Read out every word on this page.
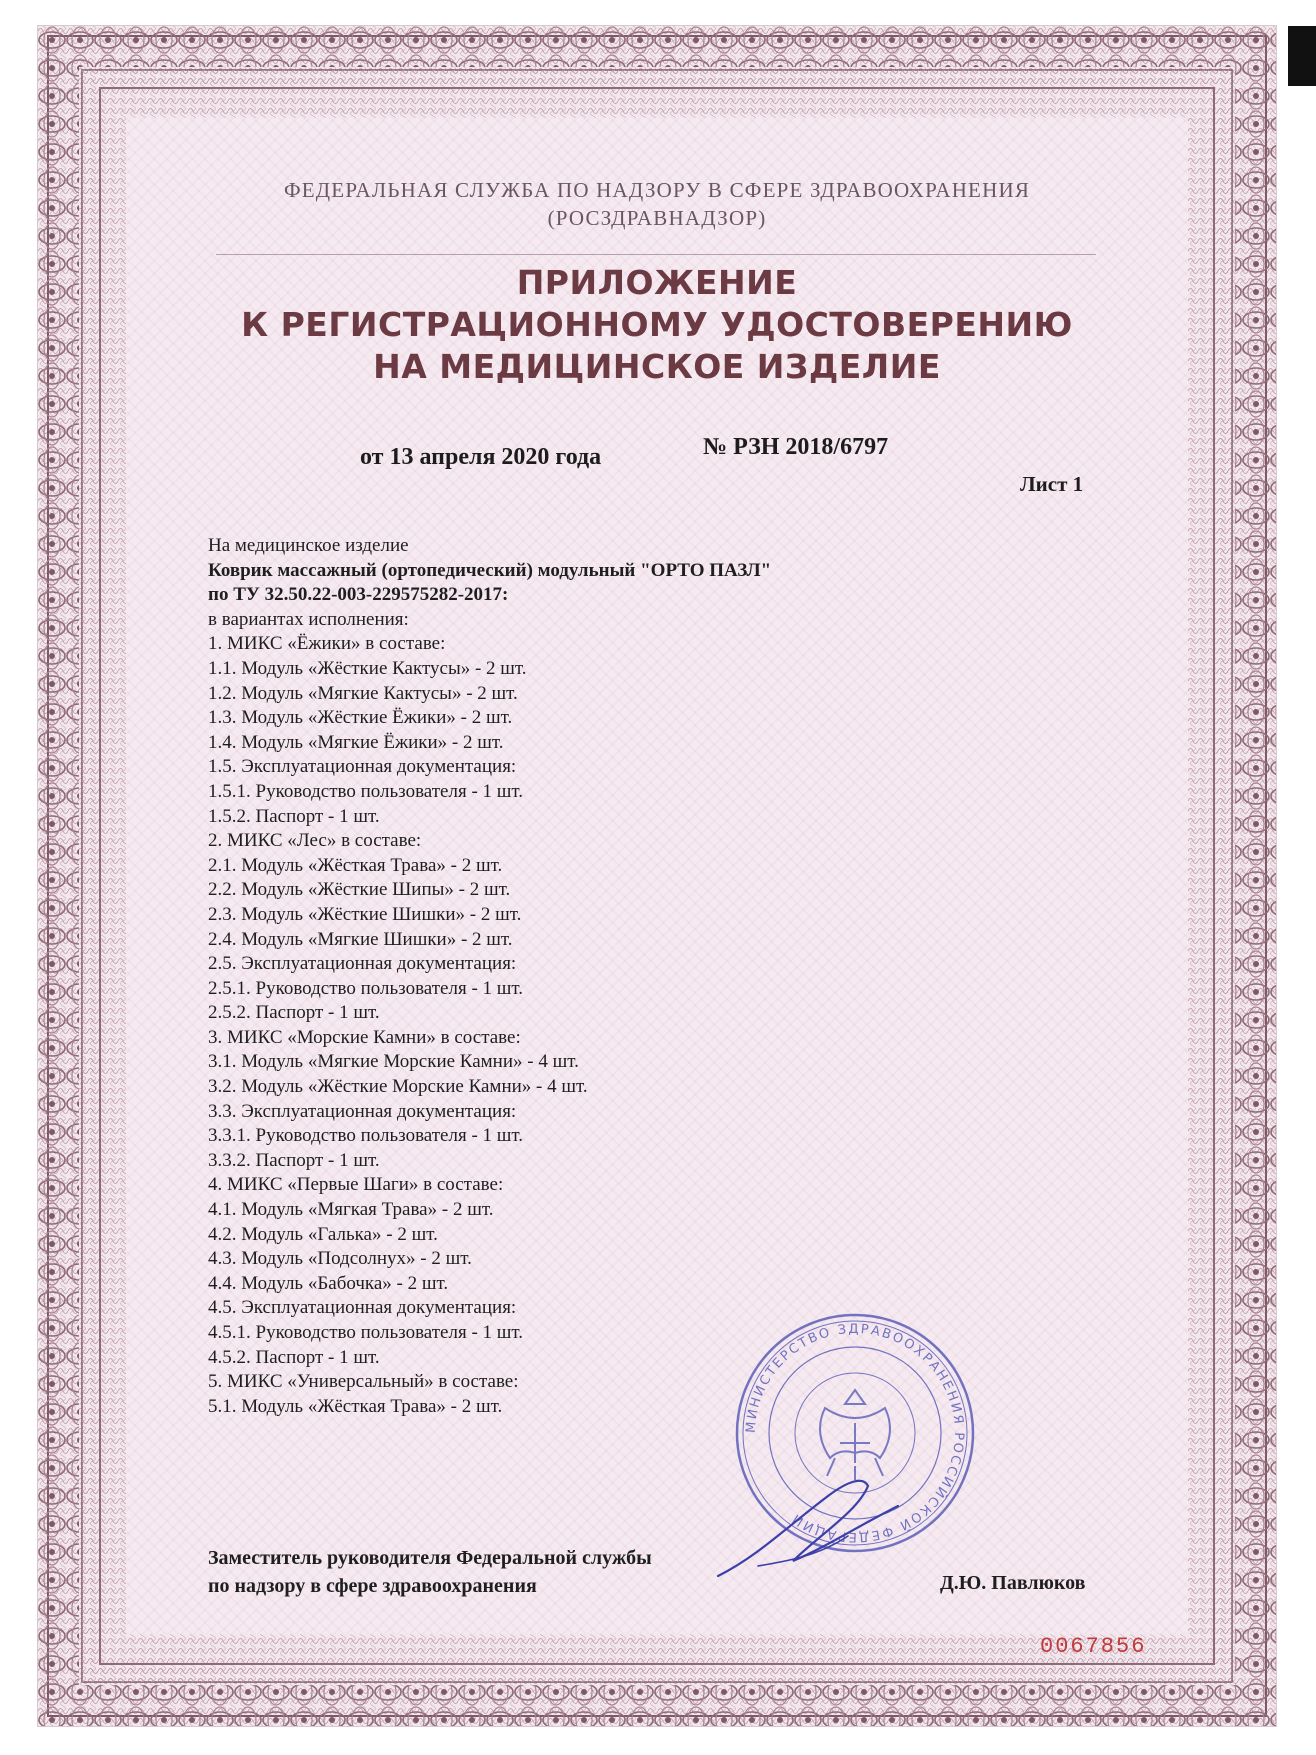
ФЕДЕРАЛЬНАЯ СЛУЖБА ПО НАДЗОРУ В СФЕРЕ ЗДРАВООХРАНЕНИЯ
(РОСЗДРАВНАДЗОР)
ПРИЛОЖЕНИЕ
К РЕГИСТРАЦИОННОМУ УДОСТОВЕРЕНИЮ
НА МЕДИЦИНСКОЕ ИЗДЕЛИЕ
от 13 апреля 2020 года	№ РЗН 2018/6797
Лист 1
На медицинское изделие
Коврик массажный (ортопедический) модульный "ОРТО ПАЗЛ"
по ТУ 32.50.22-003-229575282-2017:
в вариантах исполнения:
1. МИКС «Ёжики» в составе:
1.1. Модуль «Жёсткие Кактусы» - 2 шт.
1.2. Модуль «Мягкие Кактусы» - 2 шт.
1.3. Модуль «Жёсткие Ёжики» - 2 шт.
1.4. Модуль «Мягкие Ёжики» - 2 шт.
1.5. Эксплуатационная документация:
1.5.1. Руководство пользователя - 1 шт.
1.5.2. Паспорт - 1 шт.
2. МИКС «Лес» в составе:
2.1. Модуль «Жёсткая Трава» - 2 шт.
2.2. Модуль «Жёсткие Шипы» - 2 шт.
2.3. Модуль «Жёсткие Шишки» - 2 шт.
2.4. Модуль «Мягкие Шишки» - 2 шт.
2.5. Эксплуатационная документация:
2.5.1. Руководство пользователя - 1 шт.
2.5.2. Паспорт - 1 шт.
3. МИКС «Морские Камни» в составе:
3.1. Модуль «Мягкие Морские Камни» - 4 шт.
3.2. Модуль «Жёсткие Морские Камни» - 4 шт.
3.3. Эксплуатационная документация:
3.3.1. Руководство пользователя - 1 шт.
3.3.2. Паспорт - 1 шт.
4. МИКС «Первые Шаги» в составе:
4.1. Модуль «Мягкая Трава» - 2 шт.
4.2. Модуль «Галька» - 2 шт.
4.3. Модуль «Подсолнух» - 2 шт.
4.4. Модуль «Бабочка» - 2 шт.
4.5. Эксплуатационная документация:
4.5.1. Руководство пользователя - 1 шт.
4.5.2. Паспорт - 1 шт.
5. МИКС «Универсальный» в составе:
5.1. Модуль «Жёсткая Трава» - 2 шт.
МИНИСТЕРСТВО ЗДРАВООХРАНЕНИЯ РОССИЙСКОЙ ФЕДЕРАЦИИ
Заместитель руководителя Федеральной службы
по надзору в сфере здравоохранения	Д.Ю. Павлюков
0067856
